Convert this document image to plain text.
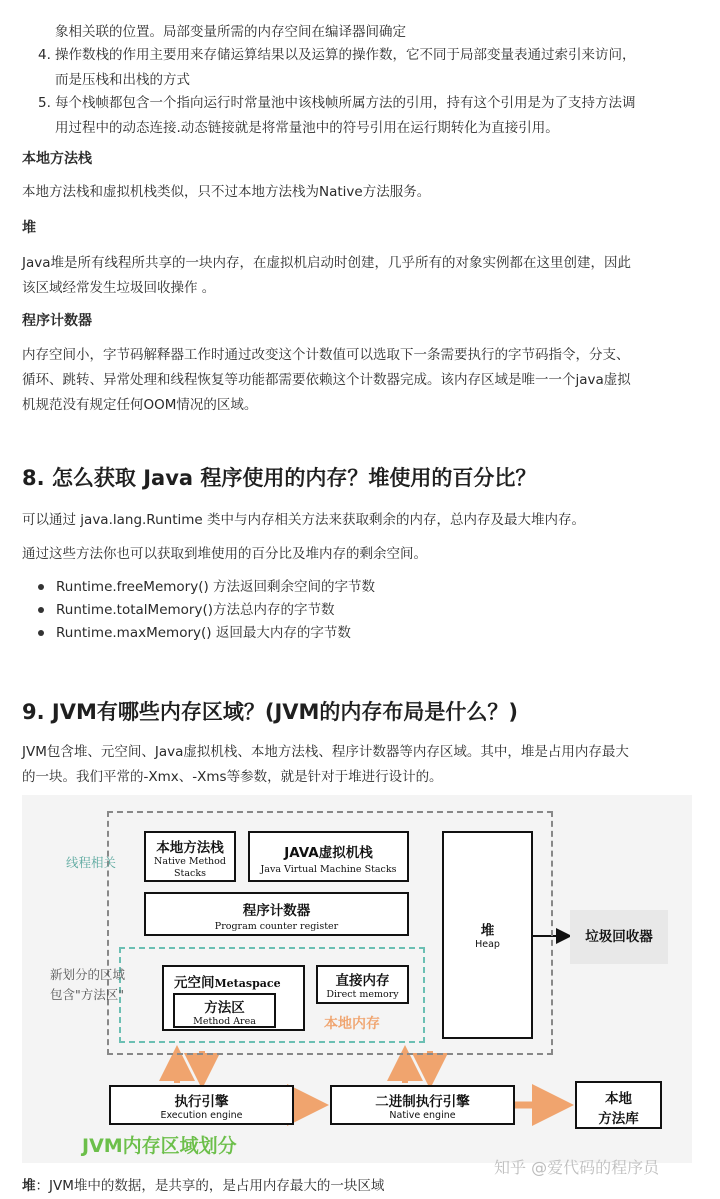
象相关联的位置。局部变量所需的内存空间在编译器间确定
4. 操作数栈的作用主要用来存储运算结果以及运算的操作数，它不同于局部变量表通过索引来访问，
而是压栈和出栈的方式
5. 每个栈帧都包含一个指向运行时常量池中该栈帧所属方法的引用，持有这个引用是为了支持方法调
用过程中的动态连接.动态链接就是将常量池中的符号引用在运行期转化为直接引用。
本地方法栈
本地方法栈和虚拟机栈类似，只不过本地方法栈为Native方法服务。
堆
Java堆是所有线程所共享的一块内存，在虚拟机启动时创建，几乎所有的对象实例都在这里创建，因此
该区域经常发生垃圾回收操作 。
程序计数器
内存空间小，字节码解释器工作时通过改变这个计数值可以选取下一条需要执行的字节码指令，分支、
循环、跳转、异常处理和线程恢复等功能都需要依赖这个计数器完成。该内存区域是唯一一个java虚拟
机规范没有规定任何OOM情况的区域。
8. 怎么获取 Java 程序使用的内存？堆使用的百分比？
可以通过 java.lang.Runtime 类中与内存相关方法来获取剩余的内存，总内存及最大堆内存。
通过这些方法你也可以获取到堆使用的百分比及堆内存的剩余空间。
Runtime.freeMemory() 方法返回剩余空间的字节数
Runtime.totalMemory()方法总内存的字节数
Runtime.maxMemory() 返回最大内存的字节数
9. JVM有哪些内存区域？(JVM的内存布局是什么？)
JVM包含堆、元空间、Java虚拟机栈、本地方法栈、程序计数器等内存区域。其中，堆是占用内存最大
的一块。我们平常的-Xmx、-Xms等参数，就是针对于堆进行设计的。
线程相关
新划分的区域
包含"方法区"
本地方法栈
Native Method
Stacks
JAVA虚拟机栈
Java Virtual Machine Stacks
程序计数器
Program counter register
元空间Metaspace
方法区
Method Area
直接内存
Direct memory
本地内存
堆
Heap	垃圾回收器
执行引擎
Execution engine
二进制执行引擎
Native engine
本地
方法库
JVM内存区域划分
知乎 @爱代码的程序员
堆：JVM堆中的数据，是共享的，是占用内存最大的一块区域
